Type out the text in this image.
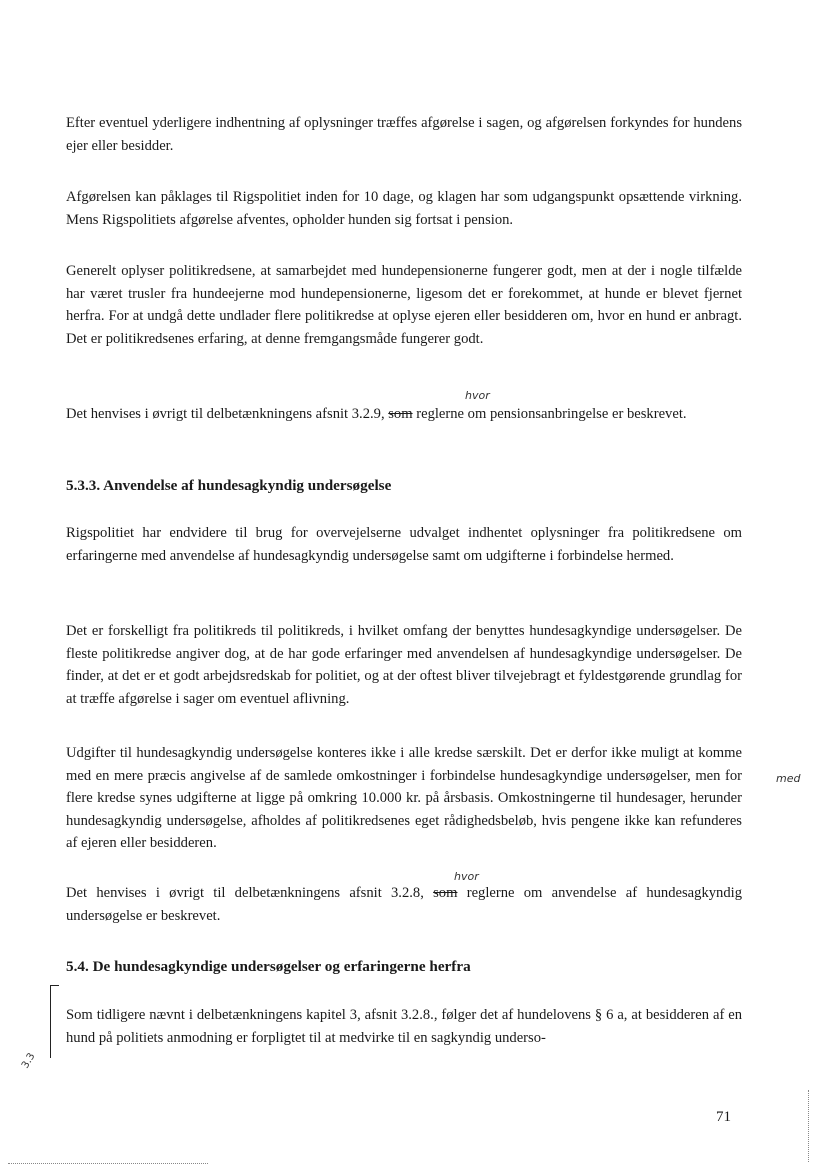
Efter eventuel yderligere indhentning af oplysninger træffes afgørelse i sagen, og afgørelsen forkyndes for hundens ejer eller besidder.

Afgørelsen kan påklages til Rigspolitiet inden for 10 dage, og klagen har som udgangspunkt opsættende virkning. Mens Rigspolitiets afgørelse afventes, opholder hunden sig fortsat i pension.

Generelt oplyser politikredsene, at samarbejdet med hundepensionerne fungerer godt, men at der i nogle tilfælde har været trusler fra hundeejerne mod hundepensionerne, ligesom det er forekommet, at hunde er blevet fjernet herfra. For at undgå dette undlader flere politikredse at oplyse ejeren eller besidderen om, hvor en hund er anbragt. Det er politikredsenes erfaring, at denne fremgangsmåde fungerer godt.

Det henvises i øvrigt til delbetænkningens afsnit 3.2.9, som reglerne om pensionsanbringelse er beskrevet.

hvor
5.3.3. Anvendelse af hundesagkyndig undersøgelse

Rigspolitiet har endvidere til brug for overvejelserne udvalget indhentet oplysninger fra politikredsene om erfaringerne med anvendelse af hundesagkyndig undersøgelse samt om udgifterne i forbindelse hermed.

Det er forskelligt fra politikreds til politikreds, i hvilket omfang der benyttes hundesagkyndige undersøgelser. De fleste politikredse angiver dog, at de har gode erfaringer med anvendelsen af hundesagkyndige undersøgelser. De finder, at det er et godt arbejdsredskab for politiet, og at der oftest bliver tilvejebragt et fyldestgørende grundlag for at træffe afgørelse i sager om eventuel aflivning.

Udgifter til hundesagkyndig undersøgelse konteres ikke i alle kredse særskilt. Det er derfor ikke muligt at komme med en mere præcis angivelse af de samlede omkostninger i forbindelse hundesagkyndige undersøgelser, men for flere kredse synes udgifterne at ligge på omkring 10.000 kr. på årsbasis. Omkostningerne til hundesager, herunder hundesagkyndig undersøgelse, afholdes af politikredsenes eget rådighedsbeløb, hvis pengene ikke kan refunderes af ejeren eller besidderen.

med

Det henvises i øvrigt til delbetænkningens afsnit 3.2.8, som reglerne om anvendelse af hundesagkyndig undersøgelse er beskrevet.

hvor
5.4. De hundesagkyndige undersøgelser og erfaringerne herfra
3.3

Som tidligere nævnt i delbetænkningens kapitel 3, afsnit 3.2.8., følger det af hundelovens § 6 a, at besidderen af en hund på politiets anmodning er forpligtet til at medvirke til en sagkyndig underso-

71
